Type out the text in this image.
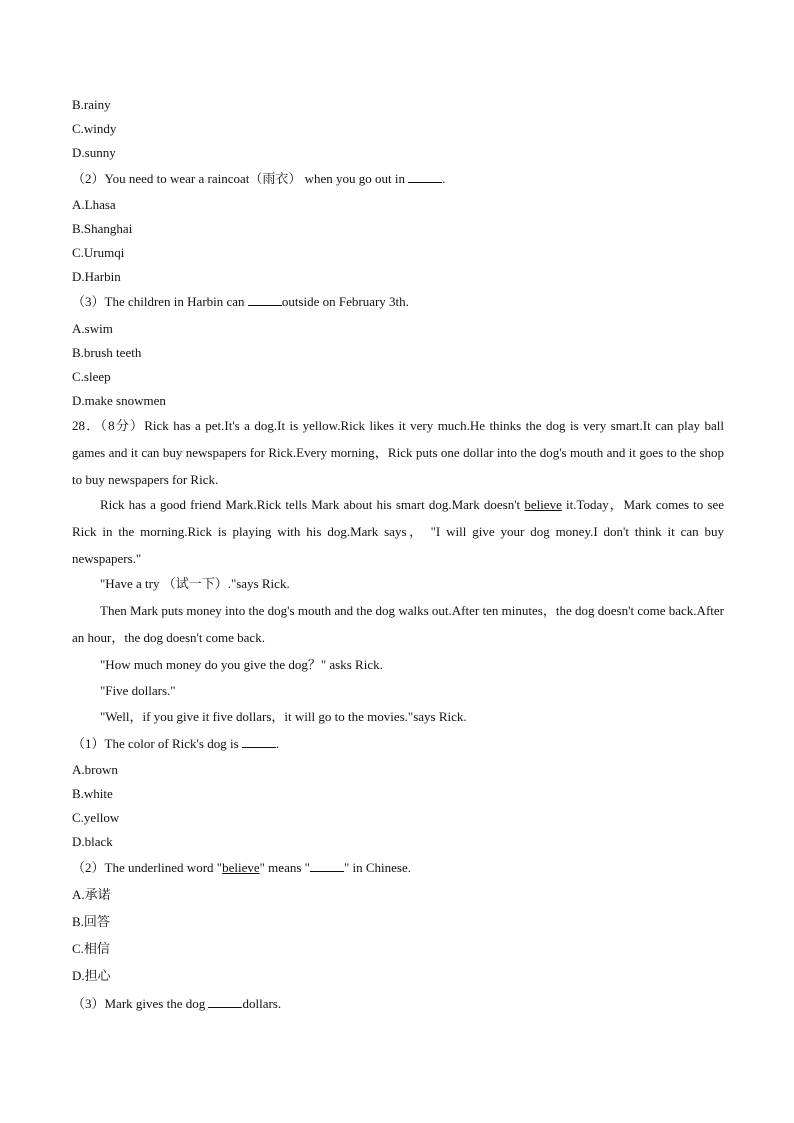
B.rainy
C.windy
D.sunny
（2）You need to wear a raincoat（雨衣） when you go out in	.
A.Lhasa
B.Shanghai
C.Urumqi
D.Harbin
（3）The children in Harbin can	outside on February 3th.
A.swim
B.brush teeth
C.sleep
D.make snowmen
28．（8分）Rick has a pet.It's a dog.It is yellow.Rick likes it very much.He thinks the dog is very smart.It can play ball games and it can buy newspapers for Rick.Every morning，Rick puts one dollar into the dog's mouth and it goes to the shop to buy newspapers for Rick.
Rick has a good friend Mark.Rick tells Mark about his smart dog.Mark doesn't believe it.Today，Mark comes to see Rick in the morning.Rick is playing with his dog.Mark says， "I will give your dog money.I don't think it can buy newspapers."
"Have a try （试一下）."says Rick.
Then Mark puts money into the dog's mouth and the dog walks out.After ten minutes，the dog doesn't come back.After an hour，the dog doesn't come back.
"How much money do you give the dog？" asks Rick.
"Five dollars."
"Well，if you give it five dollars，it will go to the movies."says Rick.
（1）The color of Rick's dog is	.
A.brown
B.white
C.yellow
D.black
（2）The underlined word "believe" means "	" in Chinese.
A.承诺
B.回答
C.相信
D.担心
（3）Mark gives the dog	dollars.
